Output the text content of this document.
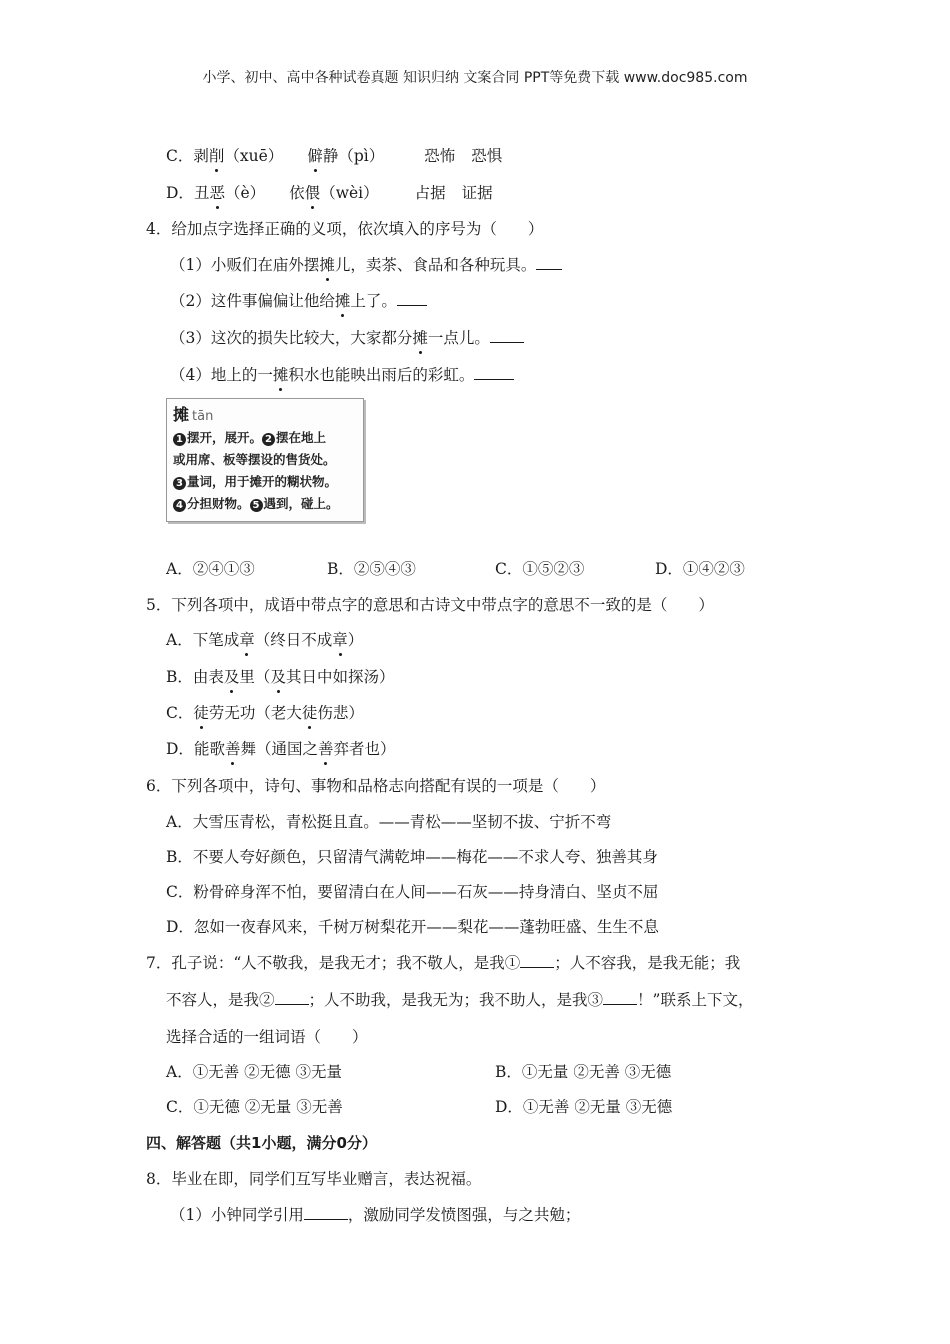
小学、初中、高中各种试卷真题 知识归纳 文案合同 PPT等免费下载 www.doc985.com
C．剥削（xuē） 僻静（pì）	恐怖 恐惧
D．丑恶（è） 依偎（wèi） 占据 证据
4．给加点字选择正确的义项，依次填入的序号为（　　）
（1）小贩们在庙外摆摊儿，卖茶、食品和各种玩具。
（2）这件事偏偏让他给摊上了。
（3）这次的损失比较大，大家都分摊一点儿。
（4）地上的一摊积水也能映出雨后的彩虹。
摊 tān
1 摆开，展开。 2 摆在地上
或用席、板等摆设的售货处。
3 量词，用于摊开的糊状物。
4 分担财物。 5 遇到，碰上。
A．②④①③	B．②⑤④③	C．①⑤②③	D．①④②③
5．下列各项中，成语中带点字的意思和古诗文中带点字的意思不一致的是（　　）
A．下笔成章（终日不成章）
B．由表及里（及其日中如探汤）
C．徒劳无功（老大徒伤悲）
D．能歌善舞（通国之善弈者也）
6．下列各项中，诗句、事物和品格志向搭配有误的一项是（　　）
A．大雪压青松，青松挺且直。——青松——坚韧不拔、宁折不弯
B．不要人夸好颜色，只留清气满乾坤——梅花——不求人夸、独善其身
C．粉骨碎身浑不怕，要留清白在人间——石灰——持身清白、坚贞不屈
D．忽如一夜春风来，千树万树梨花开——梨花——蓬勃旺盛、生生不息
7．孔子说：“人不敬我，是我无才；我不敬人，是我① ；人不容我，是我无能；我
不容人，是我② ；人不助我，是我无为；我不助人，是我③ ！”联系上下文，
选择合适的一组词语（　　）
A．①无善 ②无德 ③无量	B．①无量 ②无善 ③无德
C．①无德 ②无量 ③无善	D．①无善 ②无量 ③无德
四、解答题（共1小题，满分0分）
8．毕业在即，同学们互写毕业赠言，表达祝福。
（1）小钟同学引用	，激励同学发愤图强，与之共勉；
